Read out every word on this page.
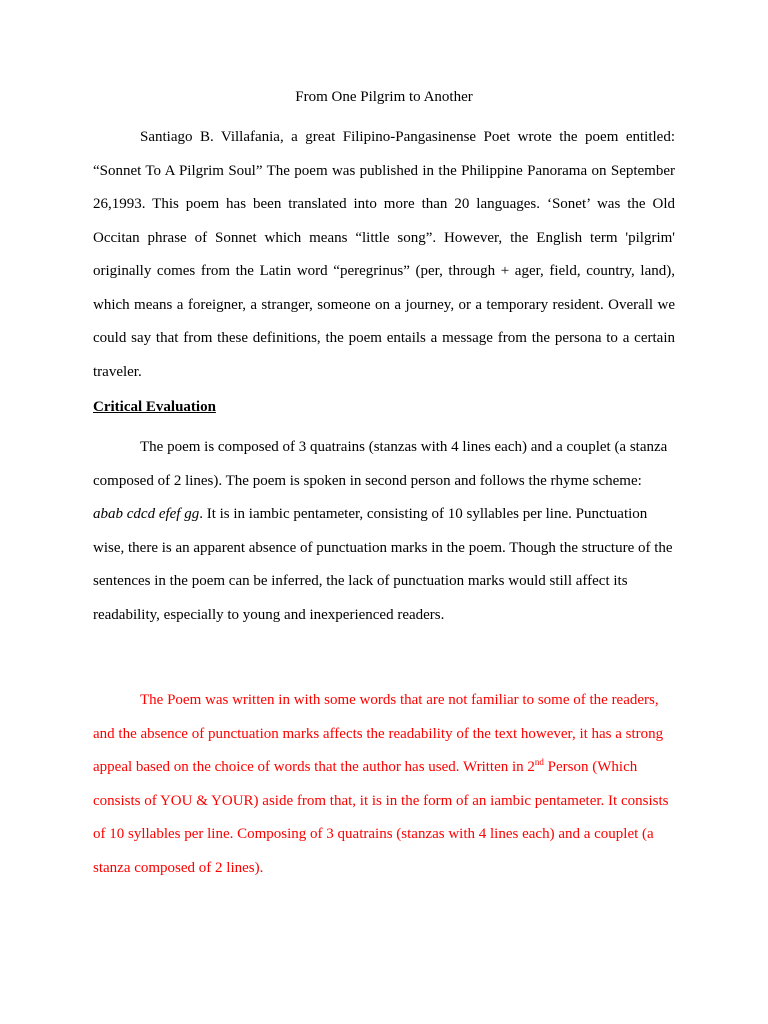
From One Pilgrim to Another

Santiago B. Villafania, a great Filipino-Pangasinense Poet wrote the poem entitled: “Sonnet To A Pilgrim Soul” The poem was published in the Philippine Panorama on September 26,1993. This poem has been translated into more than 20 languages. ‘Sonet’ was the Old Occitan phrase of Sonnet which means “little song”. However, the English term 'pilgrim' originally comes from the Latin word “peregrinus” (per, through + ager, field, country, land), which means a foreigner, a stranger, someone on a journey, or a temporary resident. Overall we could say that from these definitions, the poem entails a message from the persona to a certain traveler.

Critical Evaluation

The poem is composed of 3 quatrains (stanzas with 4 lines each) and a couplet (a stanza composed of 2 lines). The poem is spoken in second person and follows the rhyme scheme: abab cdcd efef gg. It is in iambic pentameter, consisting of 10 syllables per line. Punctuation wise, there is an apparent absence of punctuation marks in the poem. Though the structure of the sentences in the poem can be inferred, the lack of punctuation marks would still affect its readability, especially to young and inexperienced readers.

The Poem was written in with some words that are not familiar to some of the readers, and the absence of punctuation marks affects the readability of the text however, it has a strong appeal based on the choice of words that the author has used. Written in 2nd Person (Which consists of YOU & YOUR) aside from that, it is in the form of an iambic pentameter. It consists of 10 syllables per line. Composing of 3 quatrains (stanzas with 4 lines each) and a couplet (a stanza composed of 2 lines).
